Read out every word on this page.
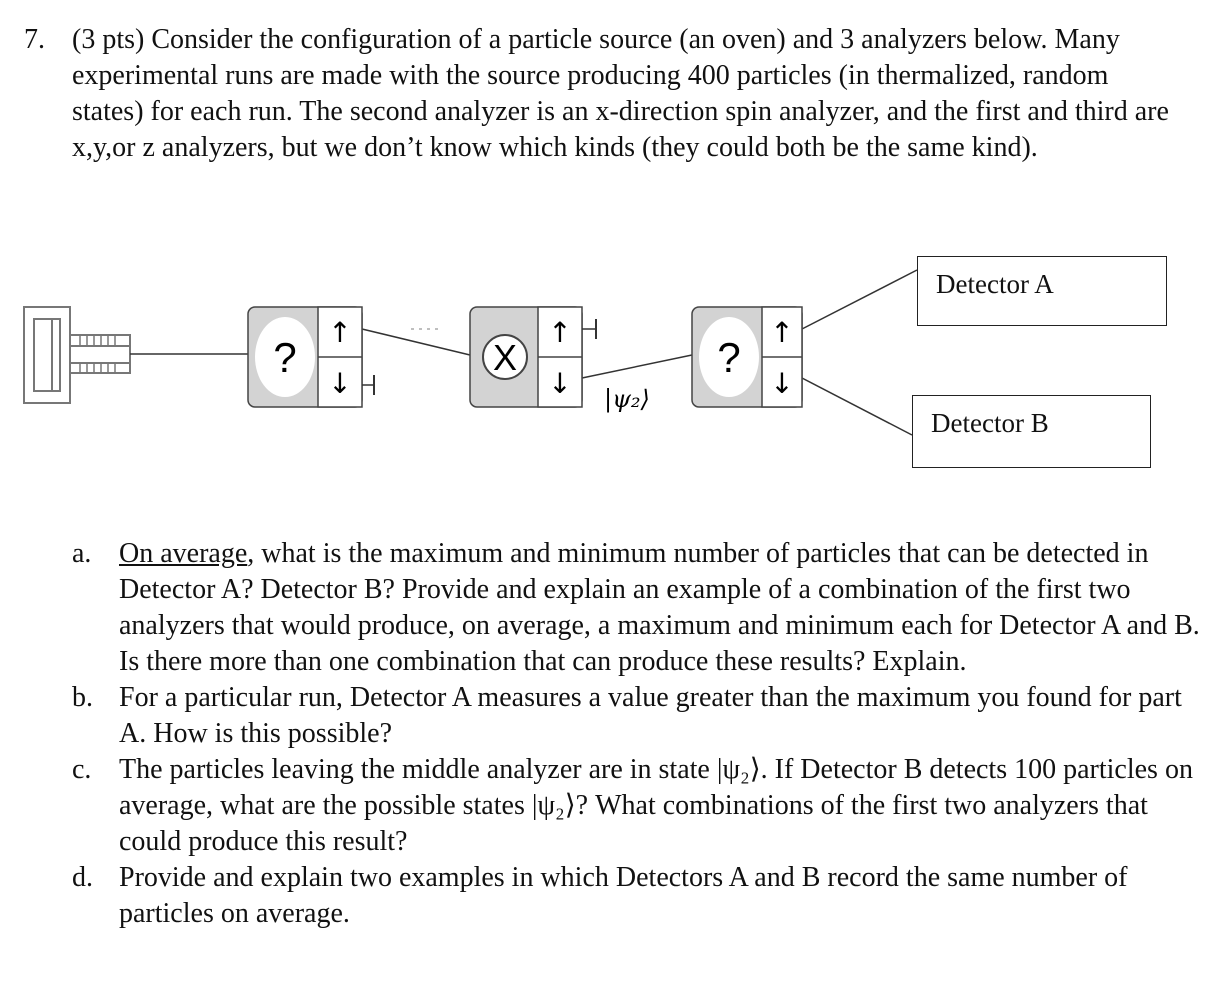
7. (3 pts) Consider the configuration of a particle source (an oven) and 3 analyzers below. Many experimental runs are made with the source producing 400 particles (in thermalized, random states) for each run. The second analyzer is an x-direction spin analyzer, and the first and third are x,y,or z analyzers, but we don’t know which kinds (they could both be the same kind).
?
↑
↓
X
↑
↓ |ψ₂⟩
?
↑
↓
Detector A
Detector B
a. On average, what is the maximum and minimum number of particles that can be detected in Detector A? Detector B? Provide and explain an example of a combination of the first two analyzers that would produce, on average, a maximum and minimum each for Detector A and B. Is there more than one combination that can produce these results? Explain.
b. For a particular run, Detector A measures a value greater than the maximum you found for part A. How is this possible?
c. The particles leaving the middle analyzer are in state |ψ₂⟩. If Detector B detects 100 particles on average, what are the possible states |ψ₂⟩? What combinations of the first two analyzers that could produce this result?
d. Provide and explain two examples in which Detectors A and B record the same number of particles on average.
